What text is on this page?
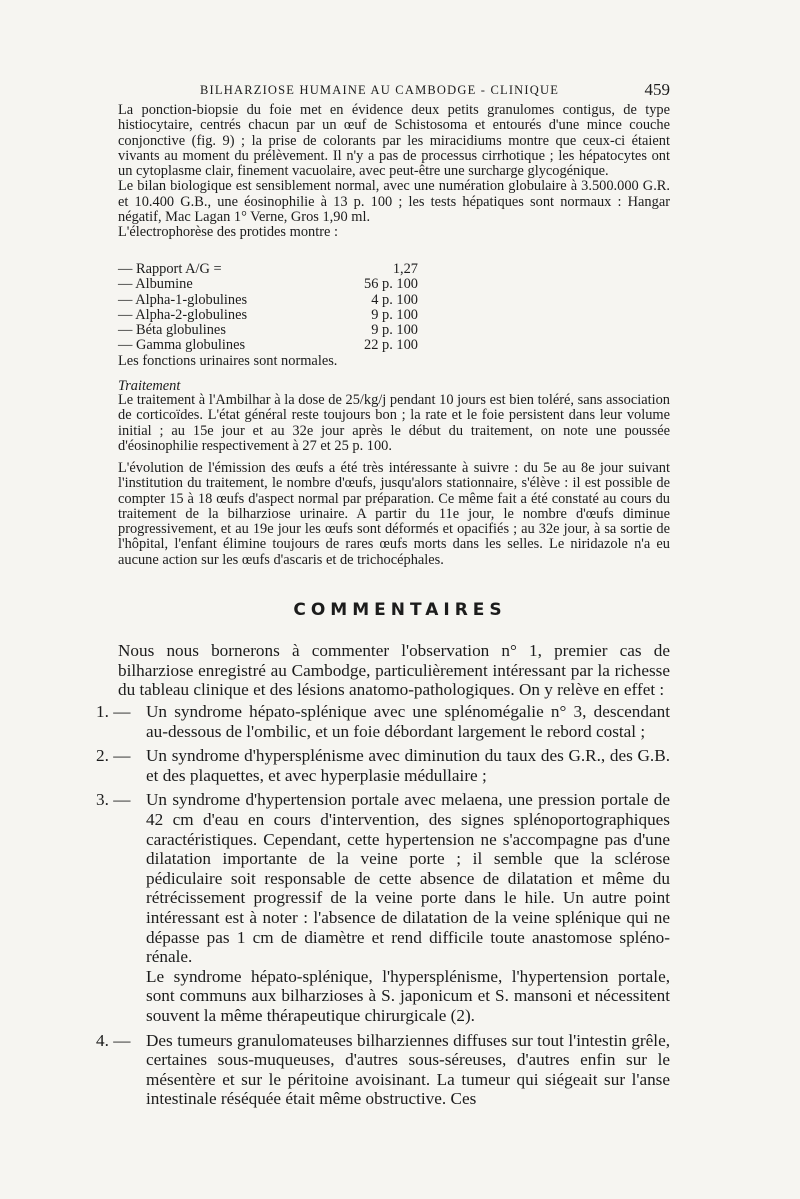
BILHARZIOSE HUMAINE AU CAMBODGE - CLINIQUE	459

La ponction-biopsie du foie met en évidence deux petits granulomes contigus, de type histiocytaire, centrés chacun par un œuf de Schistosoma et entourés d'une mince couche conjonctive (fig. 9) ; la prise de colorants par les miracidiums montre que ceux-ci étaient vivants au moment du prélèvement. Il n'y a pas de processus cirrhotique ; les hépatocytes ont un cytoplasme clair, finement vacuolaire, avec peut-être une surcharge glycogénique.

Le bilan biologique est sensiblement normal, avec une numération globulaire à 3.500.000 G.R. et 10.400 G.B., une éosinophilie à 13 p. 100 ; les tests hépatiques sont normaux : Hangar négatif, Mac Lagan 1° Verne, Gros 1,90 ml.

L'électrophorèse des protides montre :

— Rapport A/G =	1,27
— Albumine	56 p. 100
— Alpha-1-globulines	4 p. 100
— Alpha-2-globulines	9 p. 100
— Béta globulines	9 p. 100
— Gamma globulines	22 p. 100
Les fonctions urinaires sont normales.
Traitement

Le traitement à l'Ambilhar à la dose de 25/kg/j pendant 10 jours est bien toléré, sans association de corticoïdes. L'état général reste toujours bon ; la rate et le foie persistent dans leur volume initial ; au 15e jour et au 32e jour après le début du traitement, on note une poussée d'éosinophilie respectivement à 27 et 25 p. 100.

L'évolution de l'émission des œufs a été très intéressante à suivre : du 5e au 8e jour suivant l'institution du traitement, le nombre d'œufs, jusqu'alors stationnaire, s'élève : il est possible de compter 15 à 18 œufs d'aspect normal par préparation. Ce même fait a été constaté au cours du traitement de la bilharziose urinaire. A partir du 11e jour, le nombre d'œufs diminue progressivement, et au 19e jour les œufs sont déformés et opacifiés ; au 32e jour, à sa sortie de l'hôpital, l'enfant élimine toujours de rares œufs morts dans les selles. Le niridazole n'a eu aucune action sur les œufs d'ascaris et de trichocéphales.

COMMENTAIRES

Nous nous bornerons à commenter l'observation n° 1, premier cas de bilharziose enregistré au Cambodge, particulièrement intéressant par la richesse du tableau clinique et des lésions anatomo-pathologiques. On y relève en effet :

1. — Un syndrome hépato-splénique avec une splénomégalie n° 3, descendant au-dessous de l'ombilic, et un foie débordant largement le rebord costal ;
2. — Un syndrome d'hypersplénisme avec diminution du taux des G.R., des G.B. et des plaquettes, et avec hyperplasie médullaire ;
3. — Un syndrome d'hypertension portale avec melaena, une pression portale de 42 cm d'eau en cours d'intervention, des signes splénoportographiques caractéristiques. Cependant, cette hypertension ne s'accompagne pas d'une dilatation importante de la veine porte ; il semble que la sclérose pédiculaire soit responsable de cette absence de dilatation et même du rétrécissement progressif de la veine porte dans le hile. Un autre point intéressant est à noter : l'absence de dilatation de la veine splénique qui ne dépasse pas 1 cm de diamètre et rend difficile toute anastomose spléno-rénale.
Le syndrome hépato-splénique, l'hypersplénisme, l'hypertension portale, sont communs aux bilharzioses à S. japonicum et S. mansoni et nécessitent souvent la même thérapeutique chirurgicale (2).
4. — Des tumeurs granulomateuses bilharziennes diffuses sur tout l'intestin grêle, certaines sous-muqueuses, d'autres sous-séreuses, d'autres enfin sur le mésentère et sur le péritoine avoisinant. La tumeur qui siégeait sur l'anse intestinale réséquée était même obstructive. Ces
